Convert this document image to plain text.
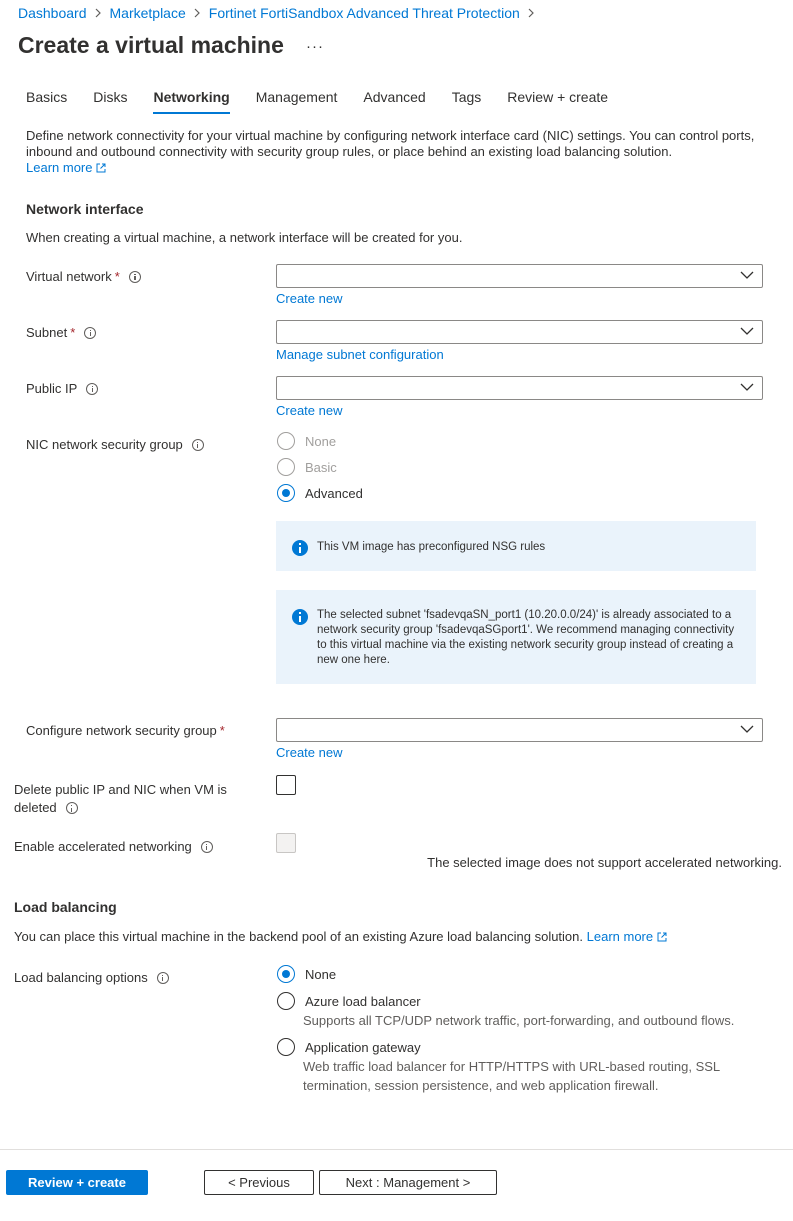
Dashboard Marketplace Fortinet FortiSandbox Advanced Threat Protection
Create a virtual machine ···
Basics Disks Networking Management Advanced Tags Review + create
Define network connectivity for your virtual machine by configuring network interface card (NIC) settings. You can control ports, inbound and outbound connectivity with security group rules, or place behind an existing load balancing solution.
Learn more
Network interface
When creating a virtual machine, a network interface will be created for you.
Virtual network *
Create new
Subnet *
Manage subnet configuration
Public IP
Create new
NIC network security group	None
Basic
Advanced
This VM image has preconfigured NSG rules
The selected subnet 'fsadevqaSN_port1 (10.20.0.0/24)' is already associated to a network security group 'fsadevqaSGport1'. We recommend managing connectivity to this virtual machine via the existing network security group instead of creating a new one here.
Configure network security group *
Create new
Delete public IP and NIC when VM is
deleted
Enable accelerated networking
The selected image does not support accelerated networking.
Load balancing
You can place this virtual machine in the backend pool of an existing Azure load balancing solution. Learn more
Load balancing options	None
Azure load balancer
Supports all TCP/UDP network traffic, port-forwarding, and outbound flows.
Application gateway
Web traffic load balancer for HTTP/HTTPS with URL-based routing, SSL termination, session persistence, and web application firewall.
Review + create	< Previous	Next : Management >
